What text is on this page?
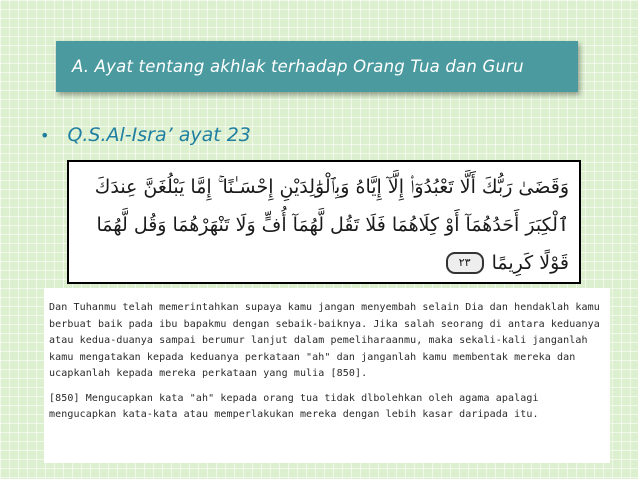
A. Ayat tentang akhlak terhadap Orang Tua dan Guru
• Q.S.Al-Isra’ ayat 23
وَقَضَىٰ رَبُّكَ أَلَّا تَعْبُدُوٓا۟ إِلَّآ إِيَّاهُ وَبِٱلْوَٰلِدَيْنِ إِحْسَـٰنًا ۚ إِمَّا يَبْلُغَنَّ عِندَكَ
ٱلْكِبَرَ أَحَدُهُمَآ أَوْ كِلَاهُمَا فَلَا تَقُل لَّهُمَآ أُفٍّ وَلَا تَنْهَرْهُمَا وَقُل لَّهُمَا
قَوْلًا كَرِيمًا
٢٣

Dan Tuhanmu telah memerintahkan supaya kamu jangan menyembah selain Dia dan hendaklah kamu berbuat baik pada ibu bapakmu dengan sebaik-baiknya. Jika salah seorang di antara keduanya atau kedua-duanya sampai berumur lanjut dalam pemeliharaanmu, maka sekali-kali janganlah kamu mengatakan kepada keduanya perkataan "ah" dan janganlah kamu membentak mereka dan ucapkanlah kepada mereka perkataan yang mulia [850].

[850] Mengucapkan kata "ah" kepada orang tua tidak dlbolehkan oleh agama apalagi mengucapkan kata-kata atau memperlakukan mereka dengan lebih kasar daripada itu.
